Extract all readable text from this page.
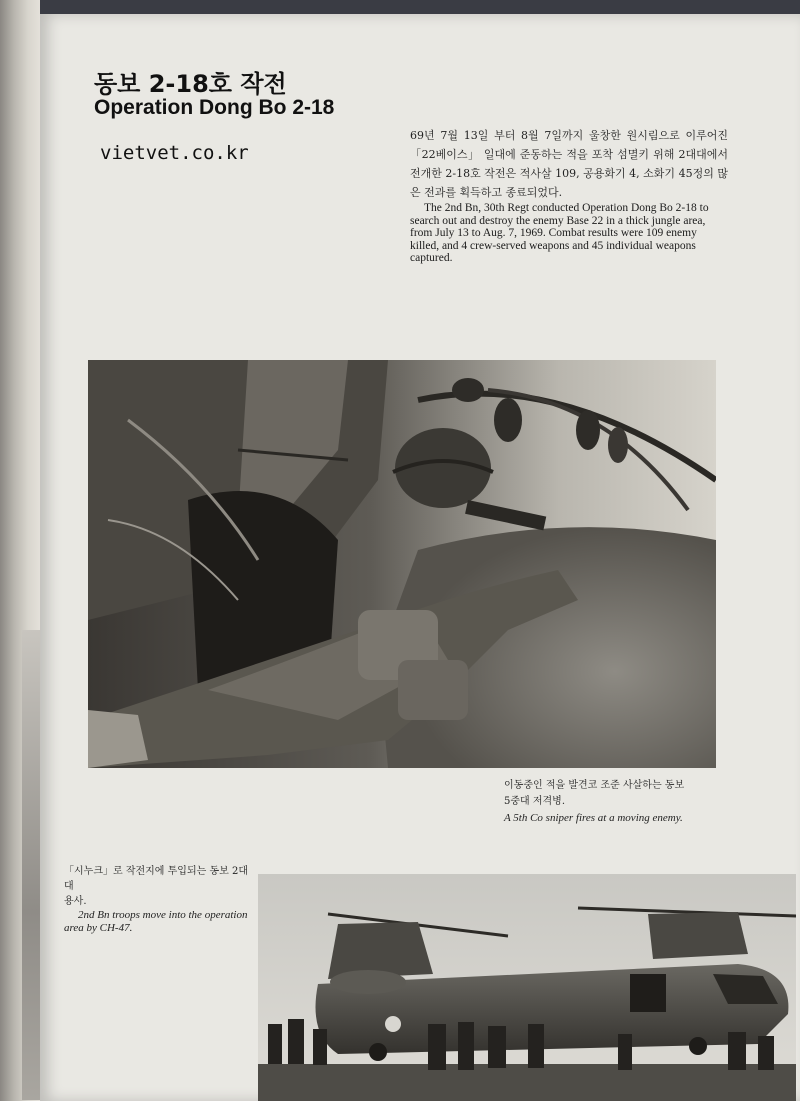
동보 2-18호 작전
Operation Dong Bo 2-18
vietvet.co.kr
69년 7월 13일 부터 8월 7일까지 울창한 원시림으로 이루어진 「22베이스」 일대에 준동하는 적을 포착 섬멸키 위해 2대대에서 전개한 2-18호 작전은 적사살 109, 공용화기 4, 소화기 45정의 많은 전과를 획득하고 종료되었다.
The 2nd Bn, 30th Regt conducted Operation Dong Bo 2-18 to search out and destroy the enemy Base 22 in a thick jungle area, from July 13 to Aug. 7, 1969. Combat results were 109 enemy killed, and 4 crew-served weapons and 45 individual weapons captured.
이동중인 적을 발견코 조준 사살하는 동보
5중대 저격병.
A 5th Co sniper fires at a moving enemy.
「시누크」로 작전지에 투입되는 동보 2대대
용사.
2nd Bn troops move into the operation area by CH-47.
